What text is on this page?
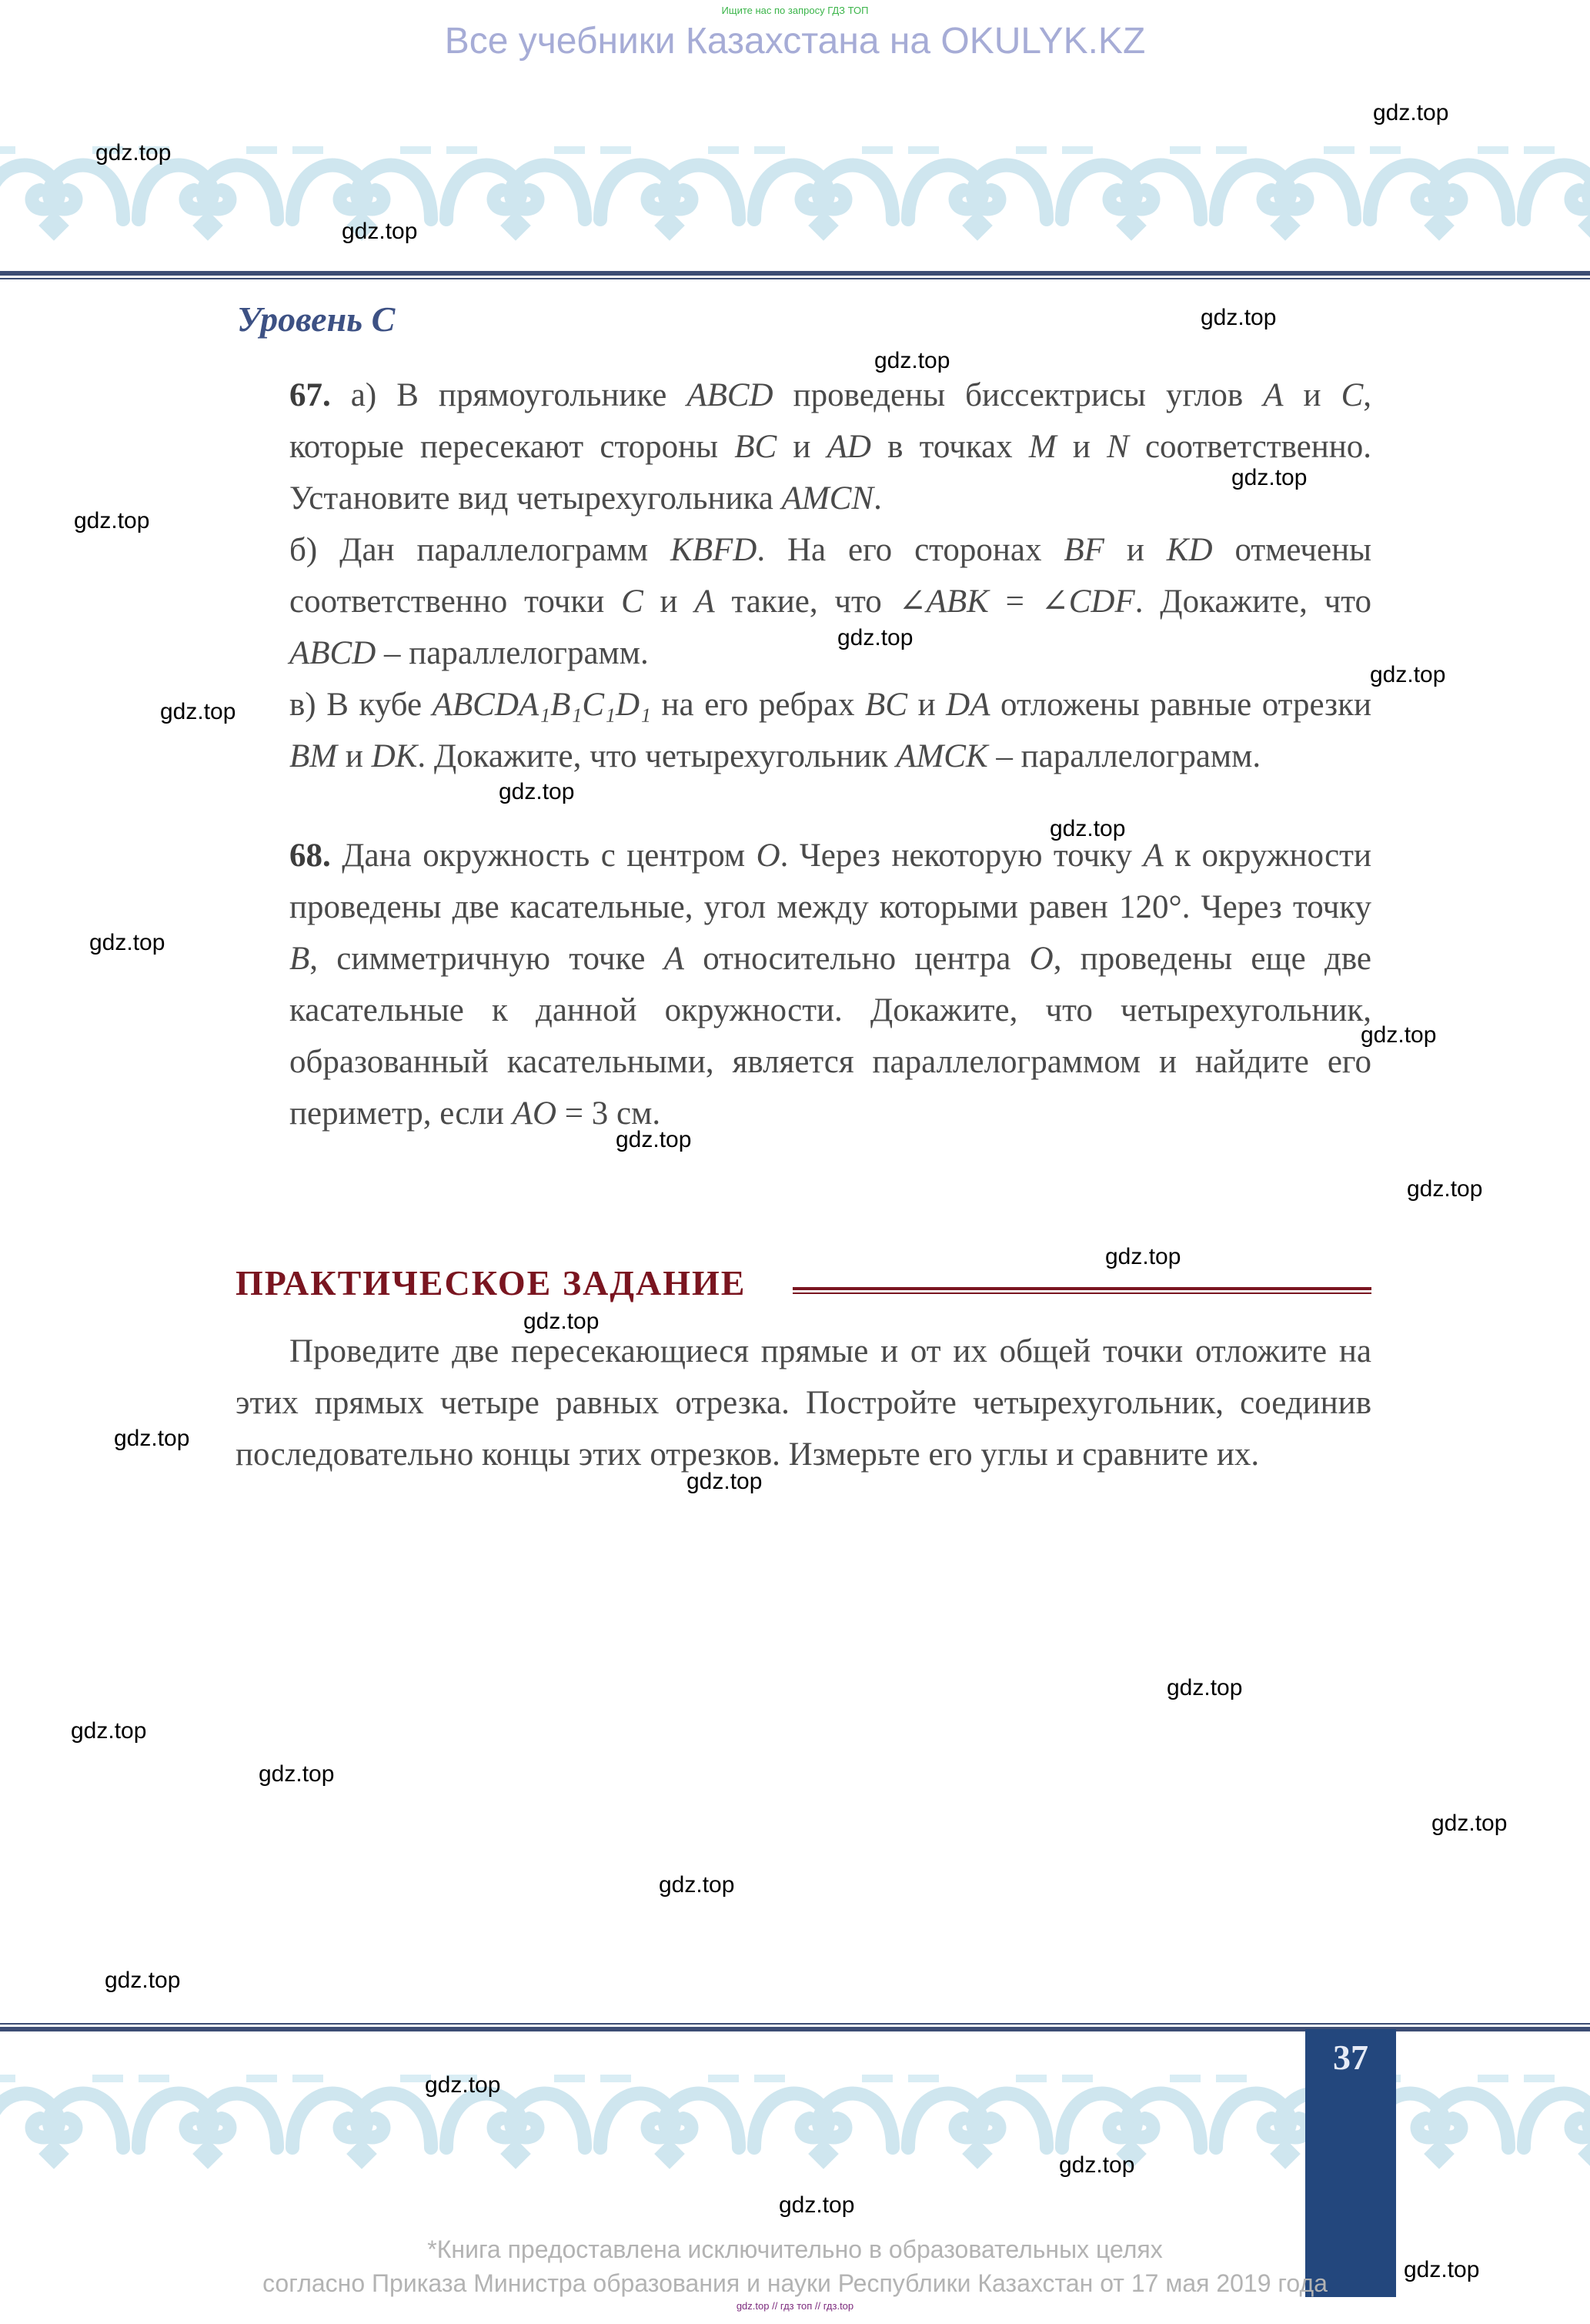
Ищите нас по запросу ГДЗ ТОП
Все учебники Казахстана на OKULYK.KZ
Уровень C
67. а) В прямоугольнике ABCD проведены биссектрисы углов A и C, которые пересекают стороны BC и AD в точках M и N соответственно. Установите вид четырехугольника AMCN.
б) Дан параллелограмм KBFD. На его сторонах BF и KD отмечены соответственно точки C и A такие, что ∠ABK = ∠CDF. Докажите, что ABCD – параллелограмм.
в) В кубе ABCDA₁B₁C₁D₁ на его ребрах BC и DA отложены равные отрезки BM и DK. Докажите, что четырехугольник AMCK – параллелограмм.
68. Дана окружность с центром O. Через некоторую точку A к окружности проведены две касательные, угол между которыми равен 120°. Через точку B, симметричную точке A относительно центра O, проведены еще две касательные к данной окружности. Докажите, что четырехугольник, образованный касательными, является параллелограммом и найдите его периметр, если AO = 3 см.
ПРАКТИЧЕСКОЕ ЗАДАНИЕ
Проведите две пересекающиеся прямые и от их общей точки отложите на этих прямых четыре равных отрезка. Постройте четырехугольник, соединив последовательно концы этих отрезков. Измерьте его углы и сравните их.
37
*Книга предоставлена исключительно в образовательных целях
согласно Приказа Министра образования и науки Республики Казахстан от 17 мая 2019 года
gdz.top // гдз топ // гдз.top
gdz.top
gdz.top
gdz.top
gdz.top
gdz.top
gdz.top
gdz.top
gdz.top
gdz.top
gdz.top
gdz.top
gdz.top
gdz.top
gdz.top
gdz.top
gdz.top
gdz.top
gdz.top
gdz.top
gdz.top
gdz.top
gdz.top
gdz.top
gdz.top
gdz.top
gdz.top
gdz.top
gdz.top
gdz.top
gdz.top
